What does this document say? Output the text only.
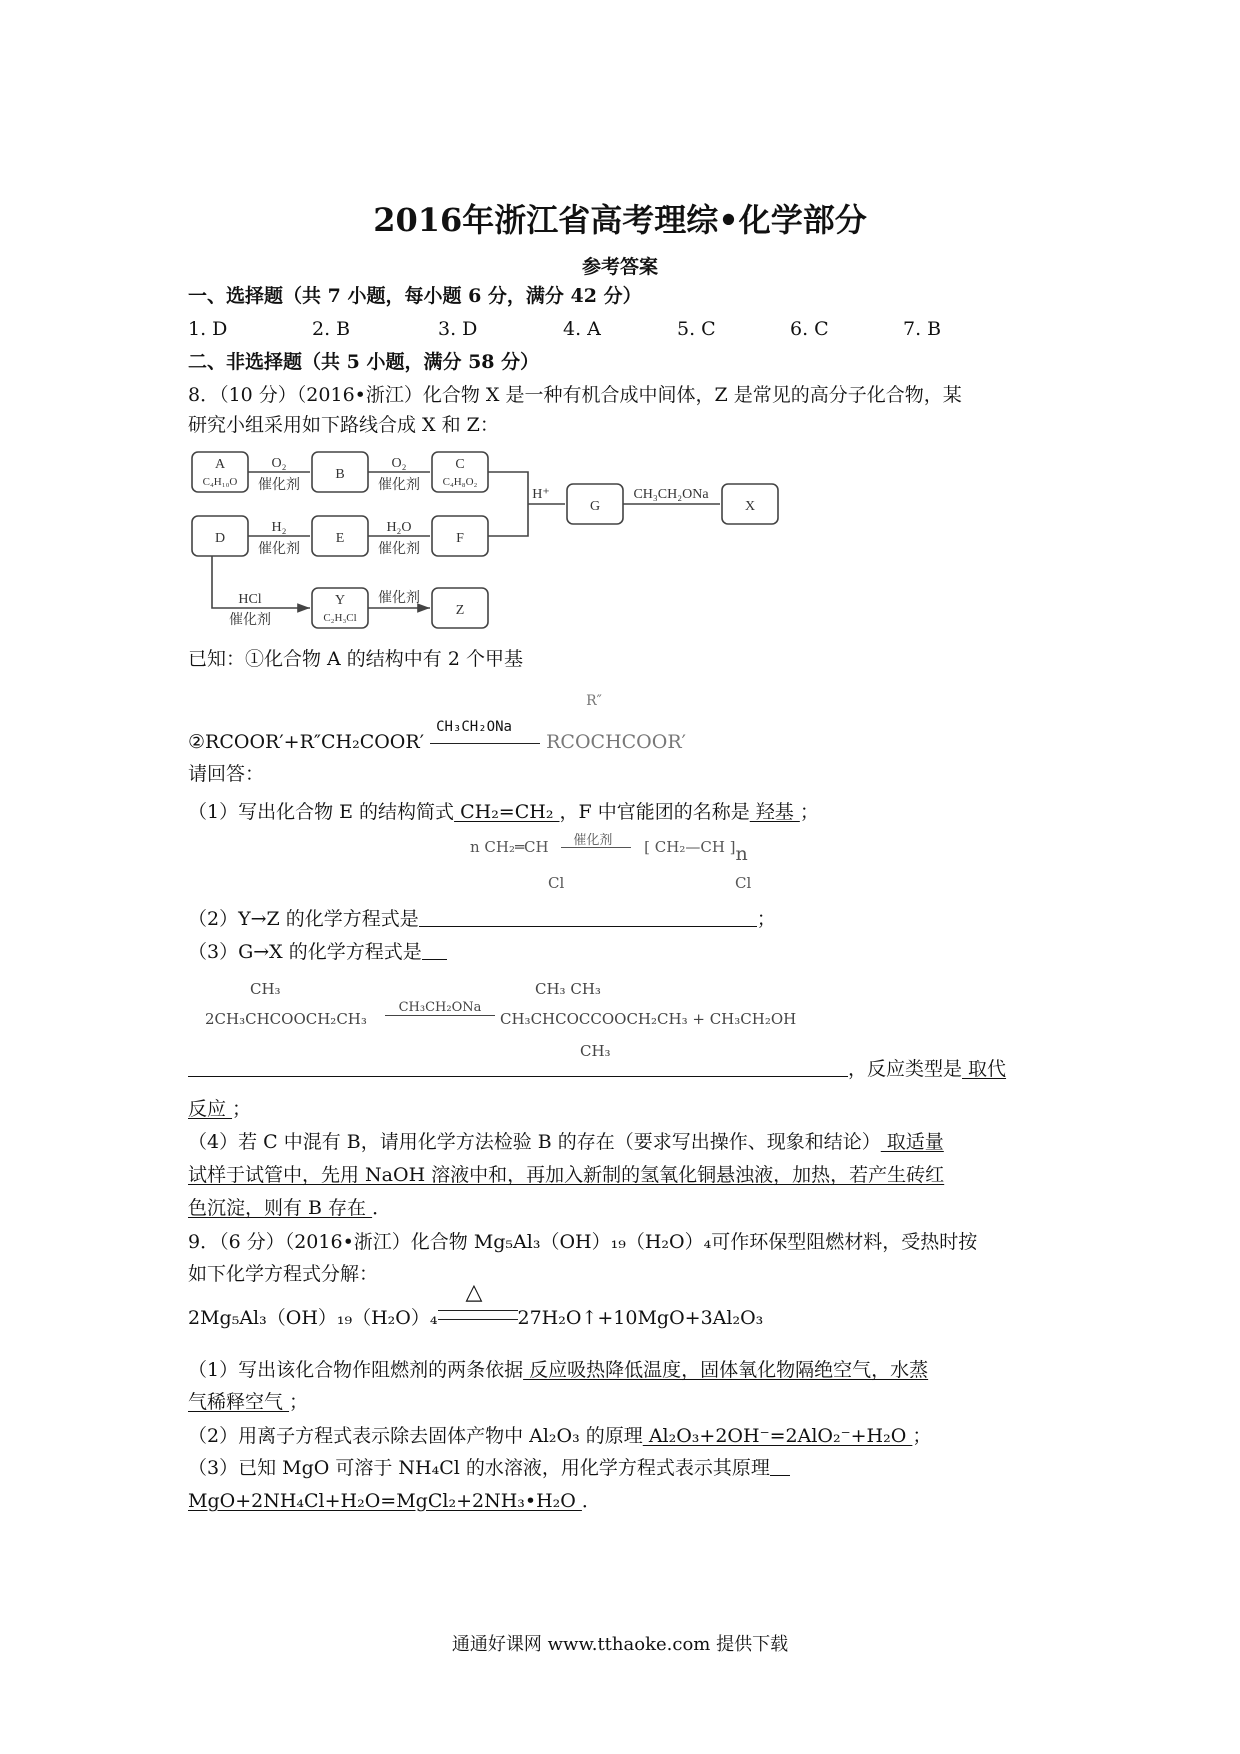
2016年浙江省高考理综•化学部分
参考答案
一、选择题（共 7 小题，每小题 6 分，满分 42 分）
1. D	2. B	3. D	4. A	5. C	6. C	7. B
二、非选择题（共 5 小题，满分 58 分）
8．（10 分）（2016•浙江）化合物 X 是一种有机合成中间体，Z 是常见的高分子化合物，某
研究小组采用如下路线合成 X 和 Z：
A
C₄H₁₀O	B
C
C₄H₈O₂
D	E	F
G	X
Y
C₂H₃Cl	Z
O₂
催化剂
O₂
催化剂
H₂
催化剂
H₂O
催化剂
H⁺	CH₃CH₂ONa
HCl
催化剂
催化剂
已知：①化合物 A 的结构中有 2 个甲基
②RCOOR′+R″CH₂COOR′
CH₃CH₂ONa
RCOCHCOOR′
R″
请回答：
（1）写出化合物 E 的结构简式 CH₂=CH₂ ，F 中官能团的名称是 羟基 ；
n CH₂═CH 催化剂 [ CH₂—CH ]n
Cl	Cl
（2）Y→Z 的化学方程式是	；
（3）G→X 的化学方程式是
CH₃
2CH₃CHCOOCH₂CH₃
CH₃CH₂ONa
CH₃ CH₃
CH₃CHCOCCOOCH₂CH₃ + CH₃CH₂OH
CH₃
，反应类型是 取代
反应 ；
（4）若 C 中混有 B，请用化学方法检验 B 的存在（要求写出操作、现象和结论） 取适量
试样于试管中，先用 NaOH 溶液中和，再加入新制的氢氧化铜悬浊液，加热，若产生砖红
色沉淀，则有 B 存在 ．
9．（6 分）（2016•浙江）化合物 Mg₅Al₃（OH）₁₉（H₂O）₄可作环保型阻燃材料，受热时按
如下化学方程式分解：
2Mg₅Al₃（OH）₁₉（H₂O）₄
△
27H₂O↑+10MgO+3Al₂O₃
（1）写出该化合物作阻燃剂的两条依据 反应吸热降低温度，固体氧化物隔绝空气，水蒸
气稀释空气 ；
（2）用离子方程式表示除去固体产物中 Al₂O₃ 的原理 Al₂O₃+2OH⁻=2AlO₂⁻+H₂O ；
（3）已知 MgO 可溶于 NH₄Cl 的水溶液，用化学方程式表示其原理
MgO+2NH₄Cl+H₂O=MgCl₂+2NH₃•H₂O ．
通通好课网 www.tthaoke.com 提供下载
